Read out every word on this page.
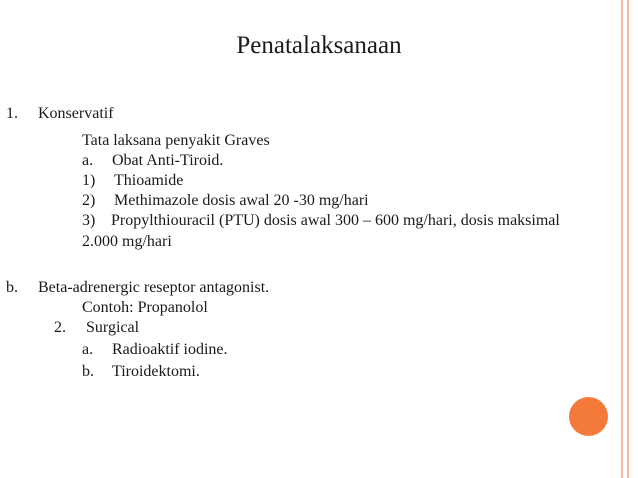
Penatalaksanaan
1. Konservatif
Tata laksana penyakit Graves
a. Obat Anti-Tiroid.
1) Thioamide
2) Methimazole dosis awal 20 -30 mg/hari
3) Propylthiouracil (PTU) dosis awal 300 – 600 mg/hari, dosis maksimal
2.000 mg/hari
b. Beta-adrenergic reseptor antagonist.
Contoh: Propanolol
2. Surgical
a. Radioaktif iodine.
b. Tiroidektomi.
